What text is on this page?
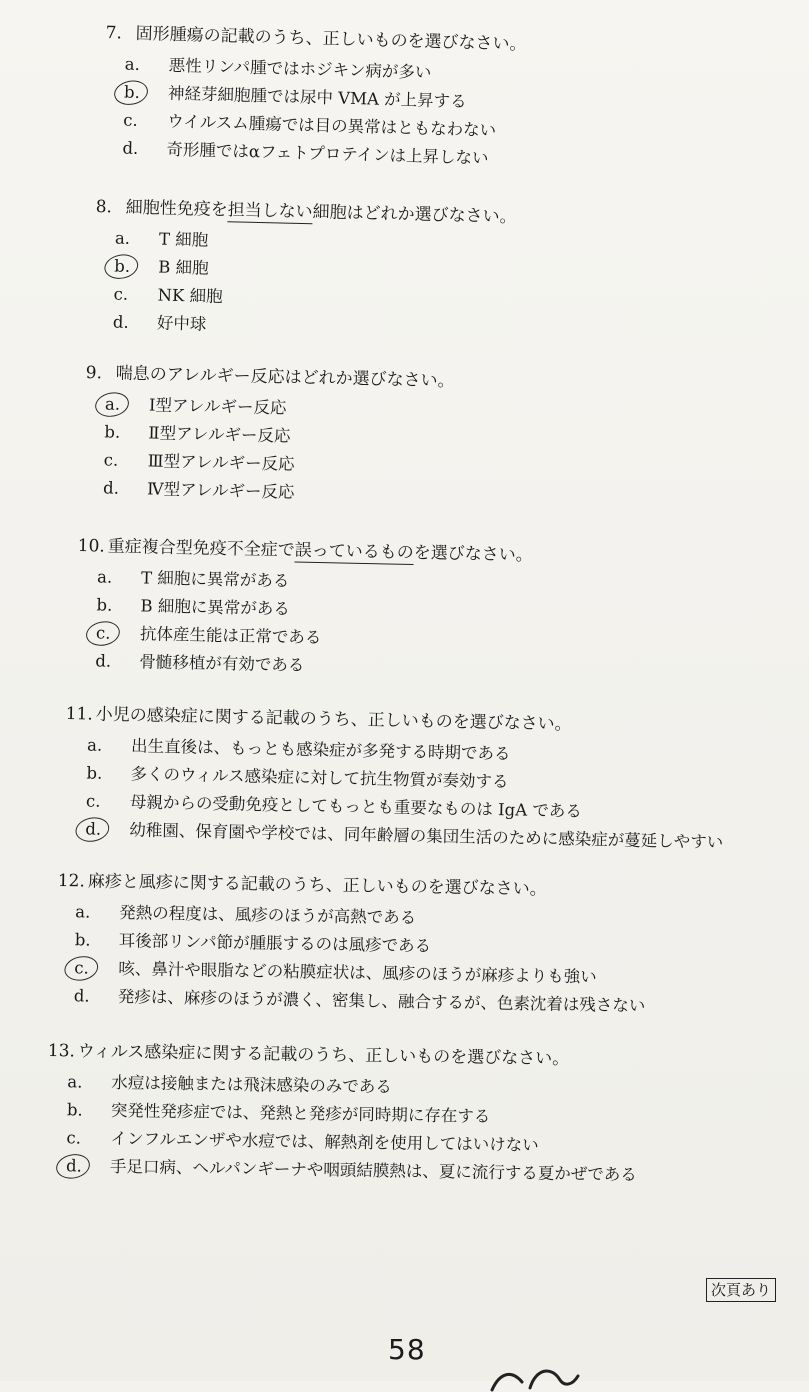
7. 固形腫瘍の記載のうち、正しいものを選びなさい。
a. 悪性リンパ腫ではホジキン病が多い
b. 神経芽細胞腫では尿中 VMA が上昇する
c. ウイルスム腫瘍では目の異常はともなわない
d. 奇形腫ではαフェトプロテインは上昇しない
8. 細胞性免疫を担当しない細胞はどれか選びなさい。
a. T 細胞
b. B 細胞
c. NK 細胞
d. 好中球
9. 喘息のアレルギー反応はどれか選びなさい。
a. Ⅰ型アレルギー反応
b. Ⅱ型アレルギー反応
c. Ⅲ型アレルギー反応
d. Ⅳ型アレルギー反応
10. 重症複合型免疫不全症で誤っているものを選びなさい。
a. T 細胞に異常がある
b. B 細胞に異常がある
c. 抗体産生能は正常である
d. 骨髄移植が有効である
11. 小児の感染症に関する記載のうち、正しいものを選びなさい。
a. 出生直後は、もっとも感染症が多発する時期である
b. 多くのウィルス感染症に対して抗生物質が奏効する
c. 母親からの受動免疫としてもっとも重要なものは IgA である
d. 幼稚園、保育園や学校では、同年齢層の集団生活のために感染症が蔓延しやすい
12. 麻疹と風疹に関する記載のうち、正しいものを選びなさい。
a. 発熱の程度は、風疹のほうが高熱である
b. 耳後部リンパ節が腫脹するのは風疹である
c. 咳、鼻汁や眼脂などの粘膜症状は、風疹のほうが麻疹よりも強い
d. 発疹は、麻疹のほうが濃く、密集し、融合するが、色素沈着は残さない
13. ウィルス感染症に関する記載のうち、正しいものを選びなさい。
a. 水痘は接触または飛沫感染のみである
b. 突発性発疹症では、発熱と発疹が同時期に存在する
c. インフルエンザや水痘では、解熱剤を使用してはいけない
d. 手足口病、ヘルパンギーナや咽頭結膜熱は、夏に流行する夏かぜである
次頁あり
58
